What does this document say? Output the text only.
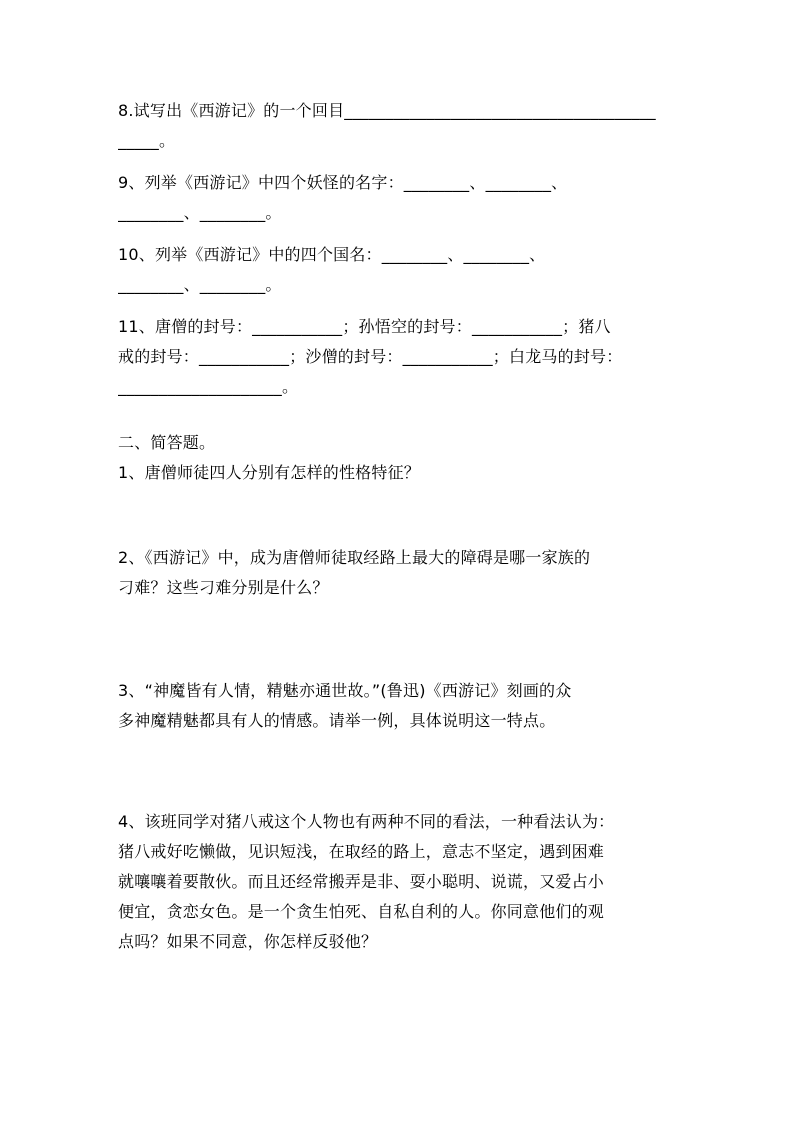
8.试写出《西游记》的一个回目______________________________________
_____。
9、列举《西游记》中四个妖怪的名字：________、________、
________、________。
10、列举《西游记》中的四个国名：________、________、
________、________。
11、唐僧的封号：___________；孙悟空的封号：___________；猪八
戒的封号：___________；沙僧的封号：___________；白龙马的封号：
____________________。
二、简答题。
1、唐僧师徒四人分别有怎样的性格特征？
2、《西游记》中，成为唐僧师徒取经路上最大的障碍是哪一家族的
刁难？这些刁难分别是什么？
3、“神魔皆有人情，精魅亦通世故。”(鲁迅)《西游记》刻画的众
多神魔精魅都具有人的情感。请举一例，具体说明这一特点。
4、该班同学对猪八戒这个人物也有两种不同的看法，一种看法认为：
猪八戒好吃懒做，见识短浅，在取经的路上，意志不坚定，遇到困难
就嚷嚷着要散伙。而且还经常搬弄是非、耍小聪明、说谎，又爱占小
便宜，贪恋女色。是一个贪生怕死、自私自利的人。你同意他们的观
点吗？如果不同意，你怎样反驳他？
